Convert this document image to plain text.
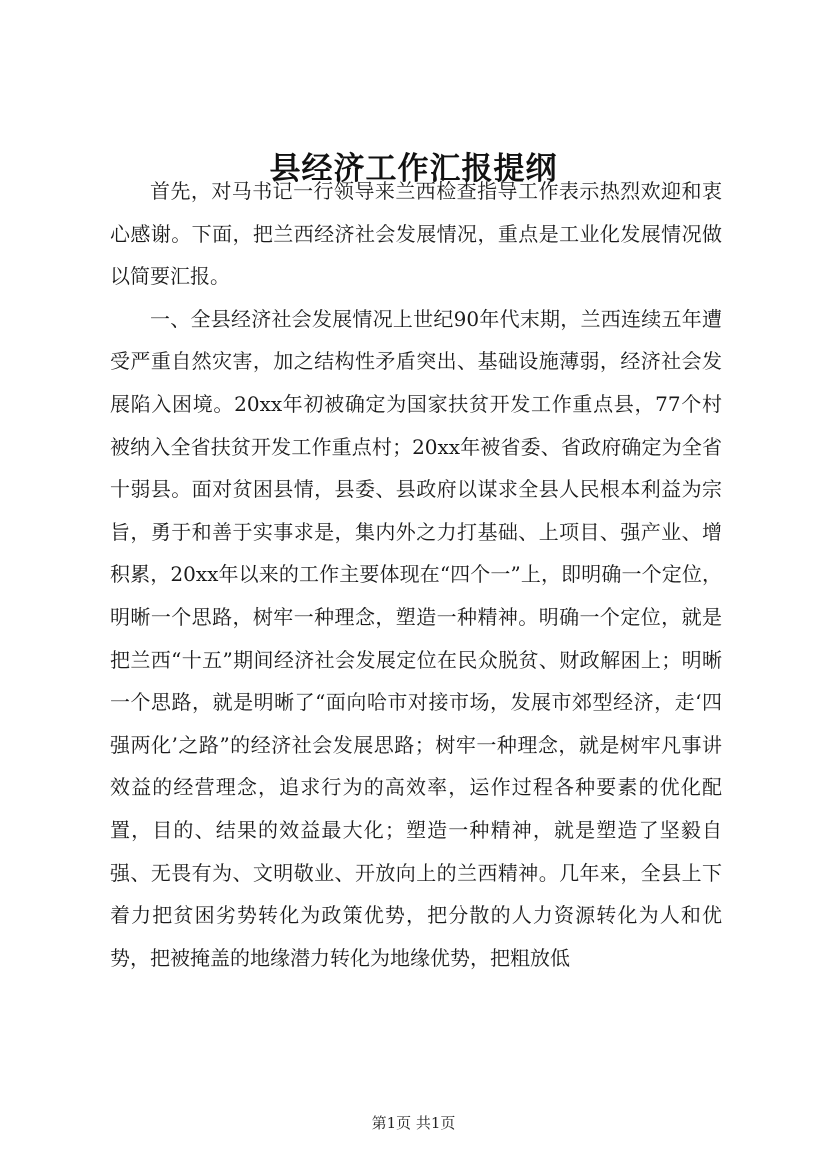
县经济工作汇报提纲

首先，对马书记一行领导来兰西检查指导工作表示热烈欢迎和衷心感谢。下面，把兰西经济社会发展情况，重点是工业化发展情况做以简要汇报。

一、全县经济社会发展情况上世纪90年代末期，兰西连续五年遭受严重自然灾害，加之结构性矛盾突出、基础设施薄弱，经济社会发展陷入困境。20xx年初被确定为国家扶贫开发工作重点县，77个村被纳入全省扶贫开发工作重点村；20xx年被省委、省政府确定为全省十弱县。面对贫困县情，县委、县政府以谋求全县人民根本利益为宗旨，勇于和善于实事求是，集内外之力打基础、上项目、强产业、增积累，20xx年以来的工作主要体现在“四个一”上，即明确一个定位，明晰一个思路，树牢一种理念，塑造一种精神。明确一个定位，就是把兰西“十五”期间经济社会发展定位在民众脱贫、财政解困上；明晰一个思路，就是明晰了“面向哈市对接市场，发展市郊型经济，走‘四强两化’之路”的经济社会发展思路；树牢一种理念，就是树牢凡事讲效益的经营理念，追求行为的高效率，运作过程各种要素的优化配置，目的、结果的效益最大化；塑造一种精神，就是塑造了坚毅自强、无畏有为、文明敬业、开放向上的兰西精神。几年来，全县上下着力把贫困劣势转化为政策优势，把分散的人力资源转化为人和优势，把被掩盖的地缘潜力转化为地缘优势，把粗放低

第1页 共1页
